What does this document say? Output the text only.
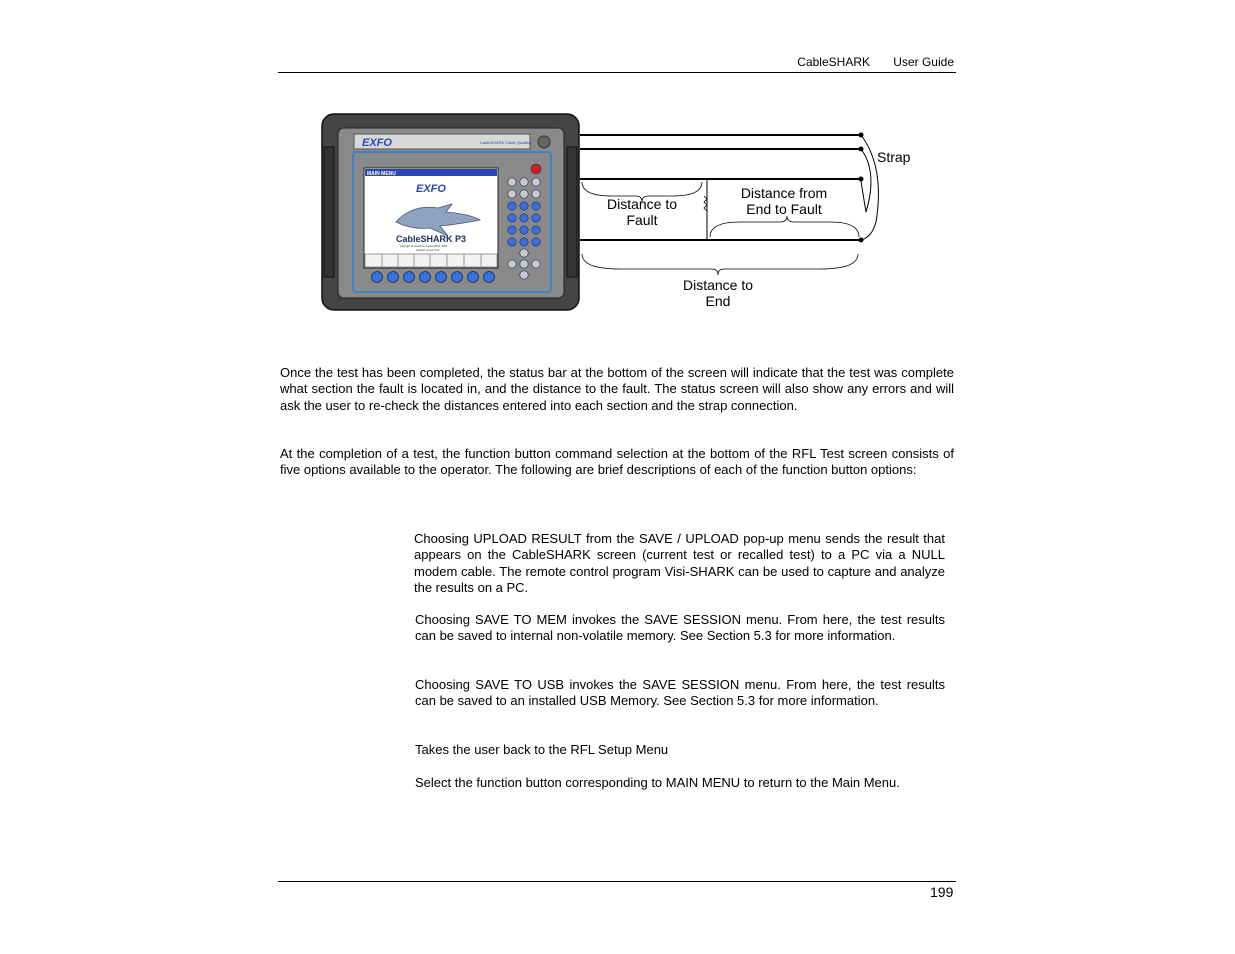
CableSHARK User Guide
EXFO	CableSHARK Cable Qualifier
MAIN MENU
EXFO
CableSHARK P3
Copyright Consultronics Limited 2003 - 2005
Software version 6.02
Strap
Distance to
Fault
Distance from
End to Fault
Distance to
End

Once the test has been completed, the status bar at the bottom of the screen will indicate that the test was complete what section the fault is located in, and the distance to the fault. The status screen will also show any errors and will ask the user to re-check the distances entered into each section and the strap connection.

At the completion of a test, the function button command selection at the bottom of the RFL Test screen consists of five options available to the operator. The following are brief descriptions of each of the function button options:

Choosing UPLOAD RESULT from the SAVE / UPLOAD pop-up menu sends the result that appears on the CableSHARK screen (current test or recalled test) to a PC via a NULL modem cable. The remote control program Visi-SHARK can be used to capture and analyze the results on a PC.

Choosing SAVE TO MEM invokes the SAVE SESSION menu. From here, the test results can be saved to internal non-volatile memory. See Section 5.3 for more information.

Choosing SAVE TO USB invokes the SAVE SESSION menu. From here, the test results can be saved to an installed USB Memory. See Section 5.3 for more information.

Takes the user back to the RFL Setup Menu

Select the function button corresponding to MAIN MENU to return to the Main Menu.

199
